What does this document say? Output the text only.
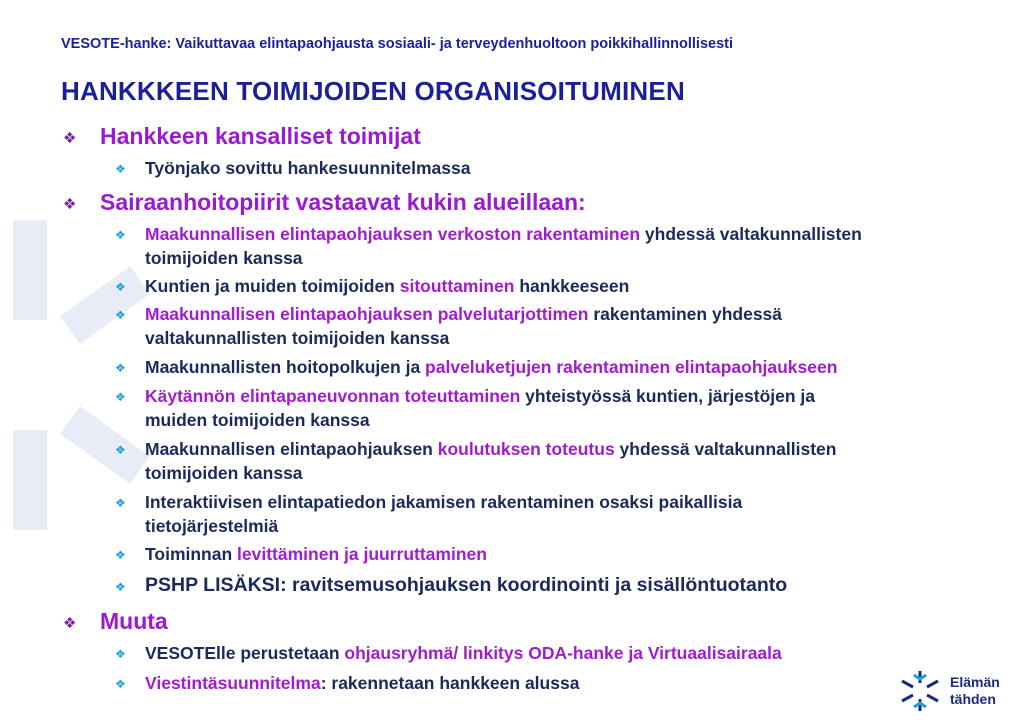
VESOTE-hanke: Vaikuttavaa elintapaohjausta sosiaali- ja terveydenhuoltoon poikkihallinnollisesti
HANKKKEEN TOIMIJOIDEN ORGANISOITUMINEN
❖ Hankkeen kansalliset toimijat
❖ Työnjako sovittu hankesuunnitelmassa
❖ Sairaanhoitopiirit vastaavat kukin alueillaan:
❖ Maakunnallisen elintapaohjauksen verkoston rakentaminen yhdessä valtakunnallisten
toimijoiden kanssa
❖ Kuntien ja muiden toimijoiden sitouttaminen hankkeeseen
❖ Maakunnallisen elintapaohjauksen palvelutarjottimen rakentaminen yhdessä
valtakunnallisten toimijoiden kanssa
❖ Maakunnallisten hoitopolkujen ja palveluketjujen rakentaminen elintapaohjaukseen
❖ Käytännön elintapaneuvonnan toteuttaminen yhteistyössä kuntien, järjestöjen ja
muiden toimijoiden kanssa
❖ Maakunnallisen elintapaohjauksen koulutuksen toteutus yhdessä valtakunnallisten
toimijoiden kanssa
❖ Interaktiivisen elintapatiedon jakamisen rakentaminen osaksi paikallisia
tietojärjestelmiä
❖ Toiminnan levittäminen ja juurruttaminen
❖ PSHP LISÄKSI: ravitsemusohjauksen koordinointi ja sisällöntuotanto
❖ Muuta
❖ VESOTElle perustetaan ohjausryhmä/ linkitys ODA-hanke ja Virtuaalisairaala
❖ Viestintäsuunnitelma: rakennetaan hankkeen alussa	Elämän
tähden
